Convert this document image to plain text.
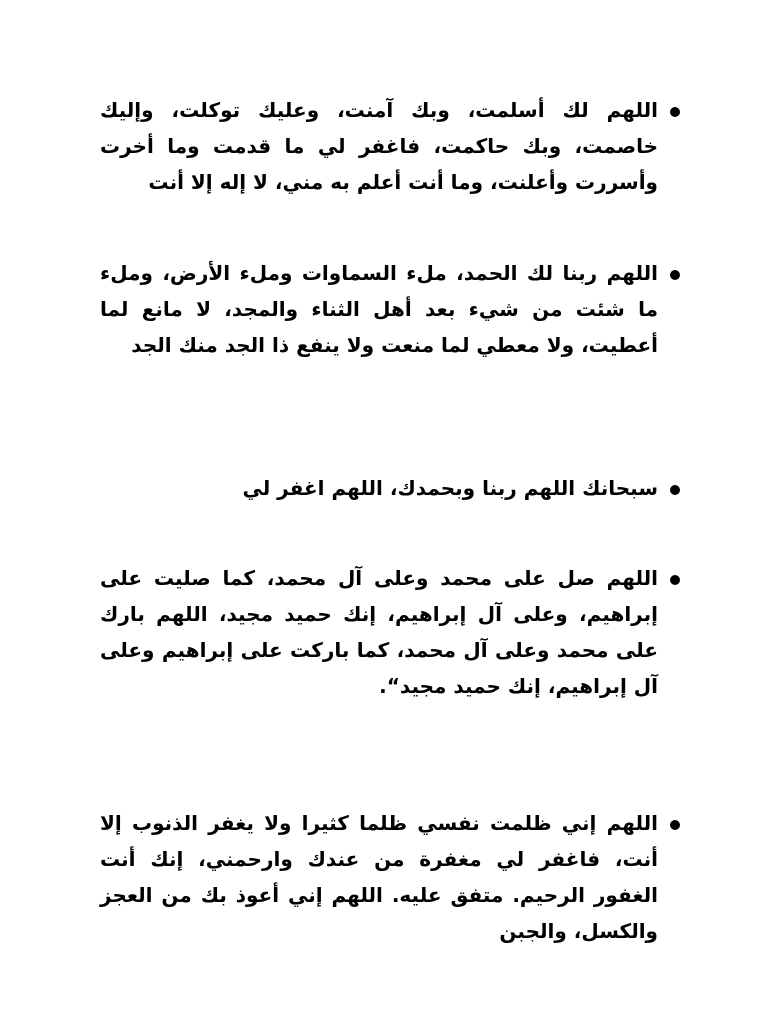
اللهم لك أسلمت، وبك آمنت، وعليك توكلت، وإليك خاصمت، وبك حاكمت، فاغفر لي ما قدمت وما أخرت وأسررت وأعلنت، وما أنت أعلم به مني، لا إله إلا أنت

اللهم ربنا لك الحمد، ملء السماوات وملء الأرض، وملء ما شئت من شيء بعد أهل الثناء والمجد، لا مانع لما أعطيت، ولا معطي لما منعت ولا ينفع ذا الجد منك الجد

سبحانك اللهم ربنا وبحمدك، اللهم اغفر لي

اللهم صل على محمد وعلى آل محمد، كما صليت على إبراهيم، وعلى آل إبراهيم، إنك حميد مجيد، اللهم بارك على محمد وعلى آل محمد، كما باركت على إبراهيم وعلى آل إبراهيم، إنك حميد مجيد“.

اللهم إني ظلمت نفسي ظلما كثيرا ولا يغفر الذنوب إلا أنت، فاغفر لي مغفرة من عندك وارحمني، إنك أنت الغفور الرحيم. متفق عليه. اللهم إني أعوذ بك من العجز والكسل، والجبن
